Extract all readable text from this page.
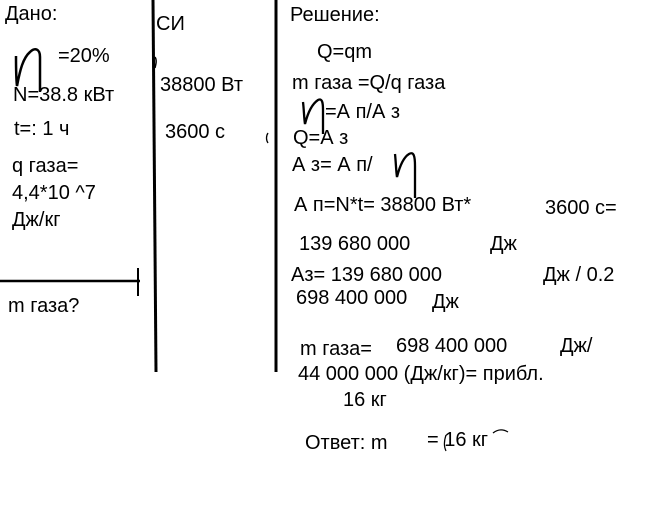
Дано:
=20%
N=38.8 кВт
t=: 1 ч
q газа=
4,4*10 ^7
Дж/кг
m газа?
СИ
38800 Вт
3600 с
Решение:
Q=qm
m газа =Q/q газа
=А п/А з
Q=А з
А з= А п/
А п=N*t= 38800 Вт*	3600 с=
139 680 000	Дж
Аз= 139 680 000	Дж / 0.2
698 400 000 Дж
m газа= 698 400 000	Дж/
44 000 000 (Дж/кг)= прибл.
16 кг
Ответ: m = 16 кг
